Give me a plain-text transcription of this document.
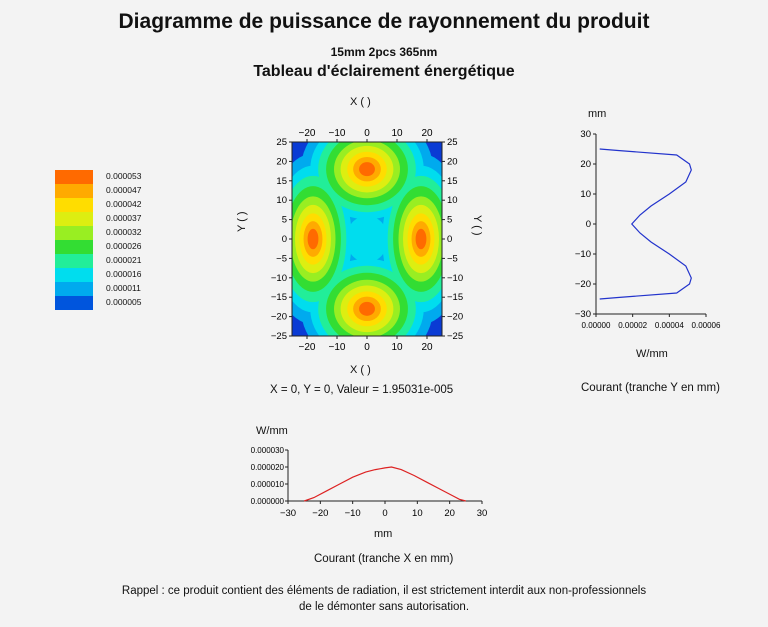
Diagramme de puissance de rayonnement du produit
15mm 2pcs 365nm
Tableau d'éclairement énergétique
0.000053
0.000047
0.000042
0.000037
0.000032
0.000026
0.000021
0.000016
0.000011
0.000005
X ( )
−20
−20
−10
−10
0
0
10
10
20
20
−25	−25
−20	−20
−15	−15
−10	−10
−5	−5
0	0
5	5
10	10
15	15
20	20
25	25
X ( )
Y ( )	Y ( )
X = 0, Y = 0, Valeur = 1.95031e-005
mm
−30
−20
−10
0
10
20
30
0.00000 0.00002 0.00004 0.00006
W/mm
Courant (tranche Y en mm)
W/mm
0.000000
0.000010
0.000020
0.000030
−30 −20 −10 0	10 20 30
mm
Courant (tranche X en mm)
Rappel : ce produit contient des éléments de radiation, il est strictement interdit aux non-professionnels
de le démonter sans autorisation.
